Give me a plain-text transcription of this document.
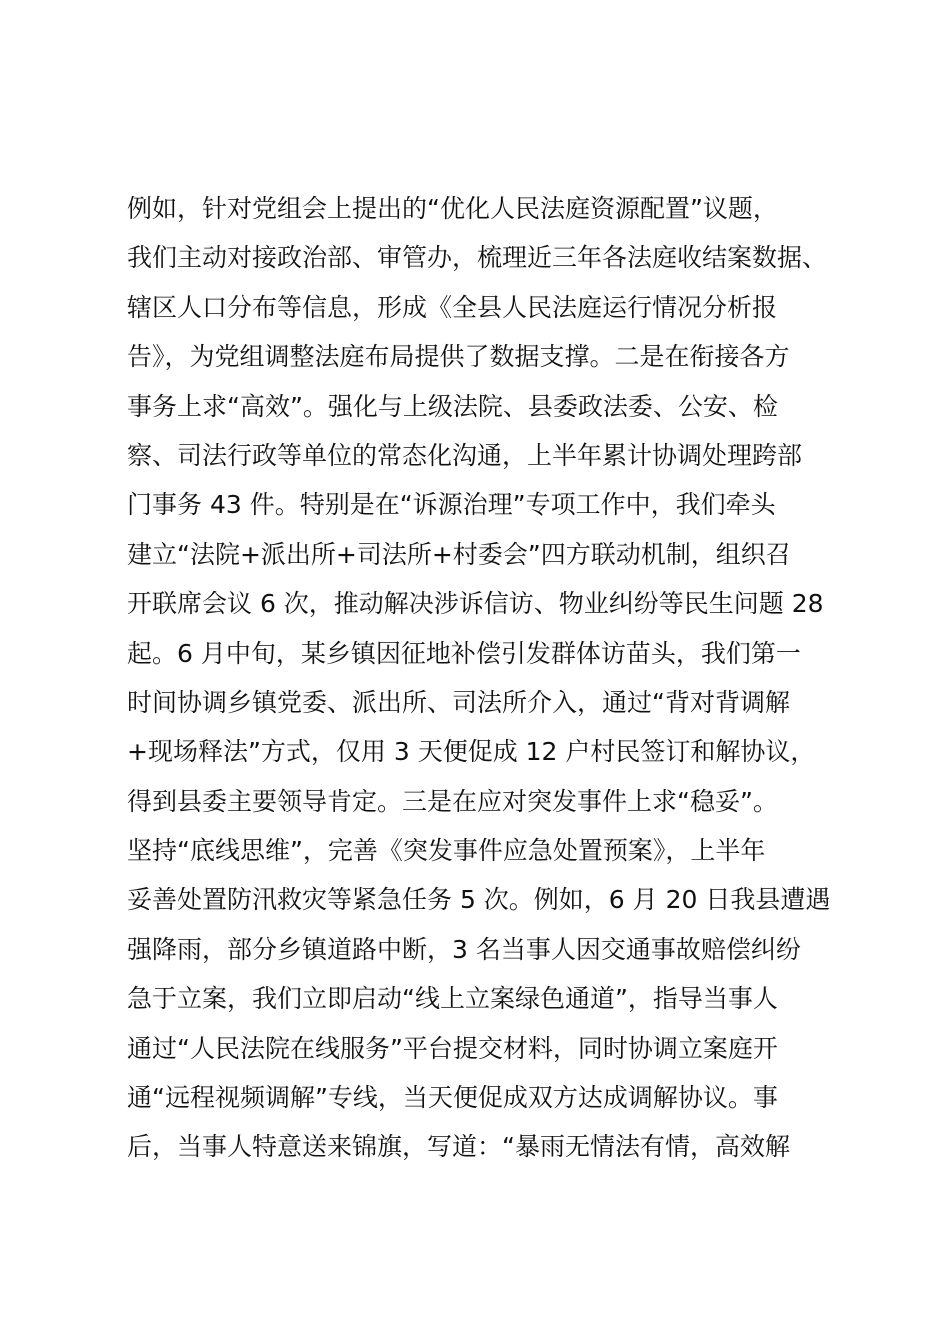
例如，针对党组会上提出的“优化人民法庭资源配置”议题，
我们主动对接政治部、审管办，梳理近三年各法庭收结案数据、
辖区人口分布等信息，形成《全县人民法庭运行情况分析报
告》，为党组调整法庭布局提供了数据支撑。二是在衔接各方
事务上求“高效”。强化与上级法院、县委政法委、公安、检
察、司法行政等单位的常态化沟通，上半年累计协调处理跨部
门事务 43 件。特别是在“诉源治理”专项工作中，我们牵头
建立“法院+派出所+司法所+村委会”四方联动机制，组织召
开联席会议 6 次，推动解决涉诉信访、物业纠纷等民生问题 28
起。6 月中旬，某乡镇因征地补偿引发群体访苗头，我们第一
时间协调乡镇党委、派出所、司法所介入，通过“背对背调解
+现场释法”方式，仅用 3 天便促成 12 户村民签订和解协议，
得到县委主要领导肯定。三是在应对突发事件上求“稳妥”。
坚持“底线思维”，完善《突发事件应急处置预案》，上半年
妥善处置防汛救灾等紧急任务 5 次。例如，6 月 20 日我县遭遇
强降雨，部分乡镇道路中断，3 名当事人因交通事故赔偿纠纷
急于立案，我们立即启动“线上立案绿色通道”，指导当事人
通过“人民法院在线服务”平台提交材料，同时协调立案庭开
通“远程视频调解”专线，当天便促成双方达成调解协议。事
后，当事人特意送来锦旗，写道：“暴雨无情法有情，高效解
